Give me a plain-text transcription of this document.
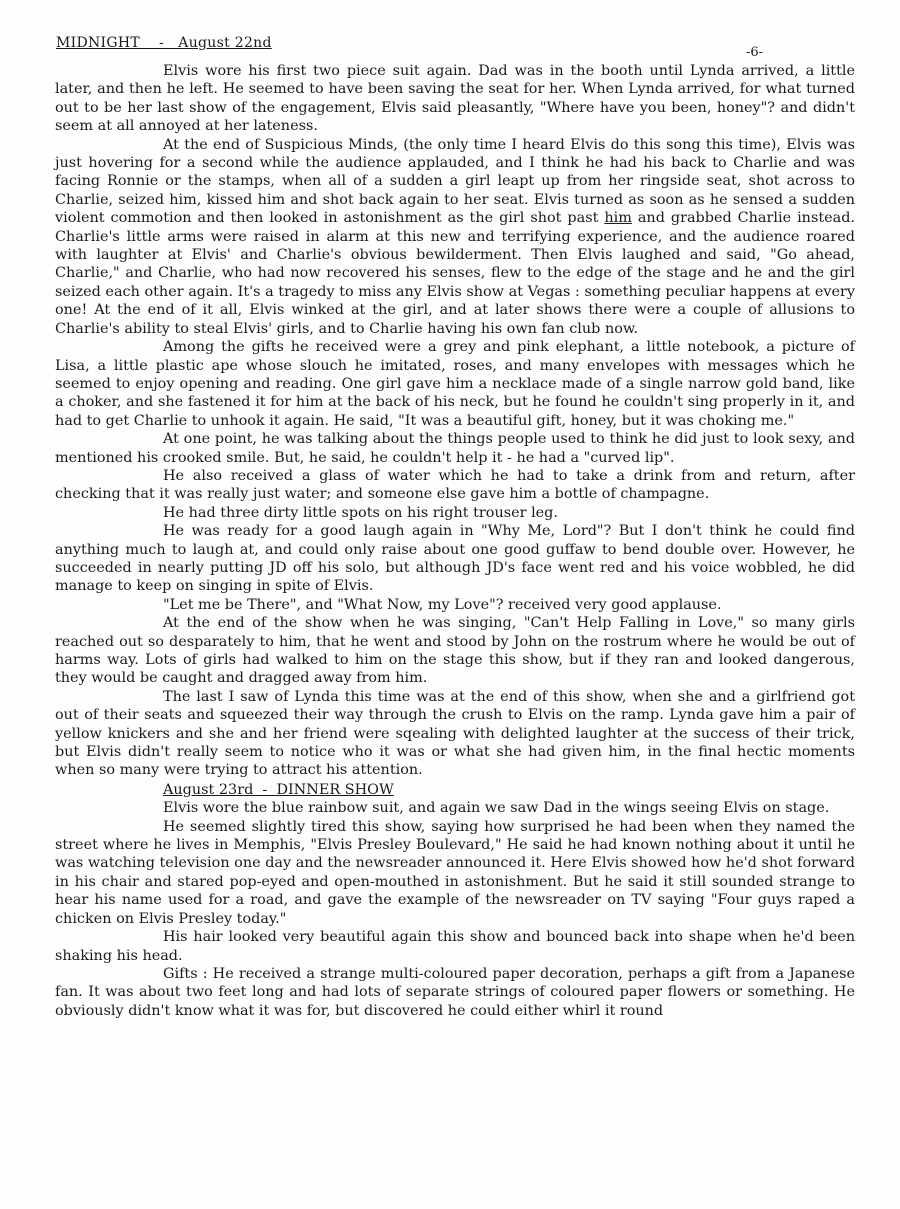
MIDNIGHT    -   August 22nd
-6-

Elvis wore his first two piece suit again. Dad was in the booth until Lynda arrived, a little later, and then he left. He seemed to have been saving the seat for her. When Lynda arrived, for what turned out to be her last show of the engagement, Elvis said pleasantly, "Where have you been, honey"? and didn't seem at all annoyed at her lateness.

At the end of Suspicious Minds, (the only time I heard Elvis do this song this time), Elvis was just hovering for a second while the audience applauded, and I think he had his back to Charlie and was facing Ronnie or the stamps, when all of a sudden a girl leapt up from her ringside seat, shot across to Charlie, seized him, kissed him and shot back again to her seat. Elvis turned as soon as he sensed a sudden violent commotion and then looked in astonishment as the girl shot past him and grabbed Charlie instead. Charlie's little arms were raised in alarm at this new and terrifying experience, and the audience roared with laughter at Elvis' and Charlie's obvious bewilderment. Then Elvis laughed and said, "Go ahead, Charlie," and Charlie, who had now recovered his senses, flew to the edge of the stage and he and the girl seized each other again. It's a tragedy to miss any Elvis show at Vegas : something peculiar happens at every one! At the end of it all, Elvis winked at the girl, and at later shows there were a couple of allusions to Charlie's ability to steal Elvis' girls, and to Charlie having his own fan club now.

Among the gifts he received were a grey and pink elephant, a little notebook, a picture of Lisa, a little plastic ape whose slouch he imitated, roses, and many envelopes with messages which he seemed to enjoy opening and reading. One girl gave him a necklace made of a single narrow gold band, like a choker, and she fastened it for him at the back of his neck, but he found he couldn't sing properly in it, and had to get Charlie to unhook it again. He said, "It was a beautiful gift, honey, but it was choking me."

At one point, he was talking about the things people used to think he did just to look sexy, and mentioned his crooked smile. But, he said, he couldn't help it - he had a "curved lip".

He also received a glass of water which he had to take a drink from and return, after checking that it was really just water; and someone else gave him a bottle of champagne.

He had three dirty little spots on his right trouser leg.

He was ready for a good laugh again in "Why Me, Lord"? But I don't think he could find anything much to laugh at, and could only raise about one good guffaw to bend double over. However, he succeeded in nearly putting JD off his solo, but although JD's face went red and his voice wobbled, he did manage to keep on singing in spite of Elvis.

"Let me be There", and "What Now, my Love"? received very good applause.

At the end of the show when he was singing, "Can't Help Falling in Love," so many girls reached out so desparately to him, that he went and stood by John on the rostrum where he would be out of harms way. Lots of girls had walked to him on the stage this show, but if they ran and looked dangerous, they would be caught and dragged away from him.

The last I saw of Lynda this time was at the end of this show, when she and a girlfriend got out of their seats and squeezed their way through the crush to Elvis on the ramp. Lynda gave him a pair of yellow knickers and she and her friend were sqealing with delighted laughter at the success of their trick, but Elvis didn't really seem to notice who it was or what she had given him, in the final hectic moments when so many were trying to attract his attention.

August 23rd  -  DINNER SHOW

Elvis wore the blue rainbow suit, and again we saw Dad in the wings seeing Elvis on stage.

He seemed slightly tired this show, saying how surprised he had been when they named the street where he lives in Memphis, "Elvis Presley Boulevard," He said he had known nothing about it until he was watching television one day and the newsreader announced it. Here Elvis showed how he'd shot forward in his chair and stared pop-eyed and open-mouthed in astonishment. But he said it still sounded strange to hear his name used for a road, and gave the example of the newsreader on TV saying "Four guys raped a chicken on Elvis Presley today."

His hair looked very beautiful again this show and bounced back into shape when he'd been shaking his head.

Gifts : He received a strange multi-coloured paper decoration, perhaps a gift from a Japanese fan. It was about two feet long and had lots of separate strings of coloured paper flowers or something. He obviously didn't know what it was for, but discovered he could either whirl it round
